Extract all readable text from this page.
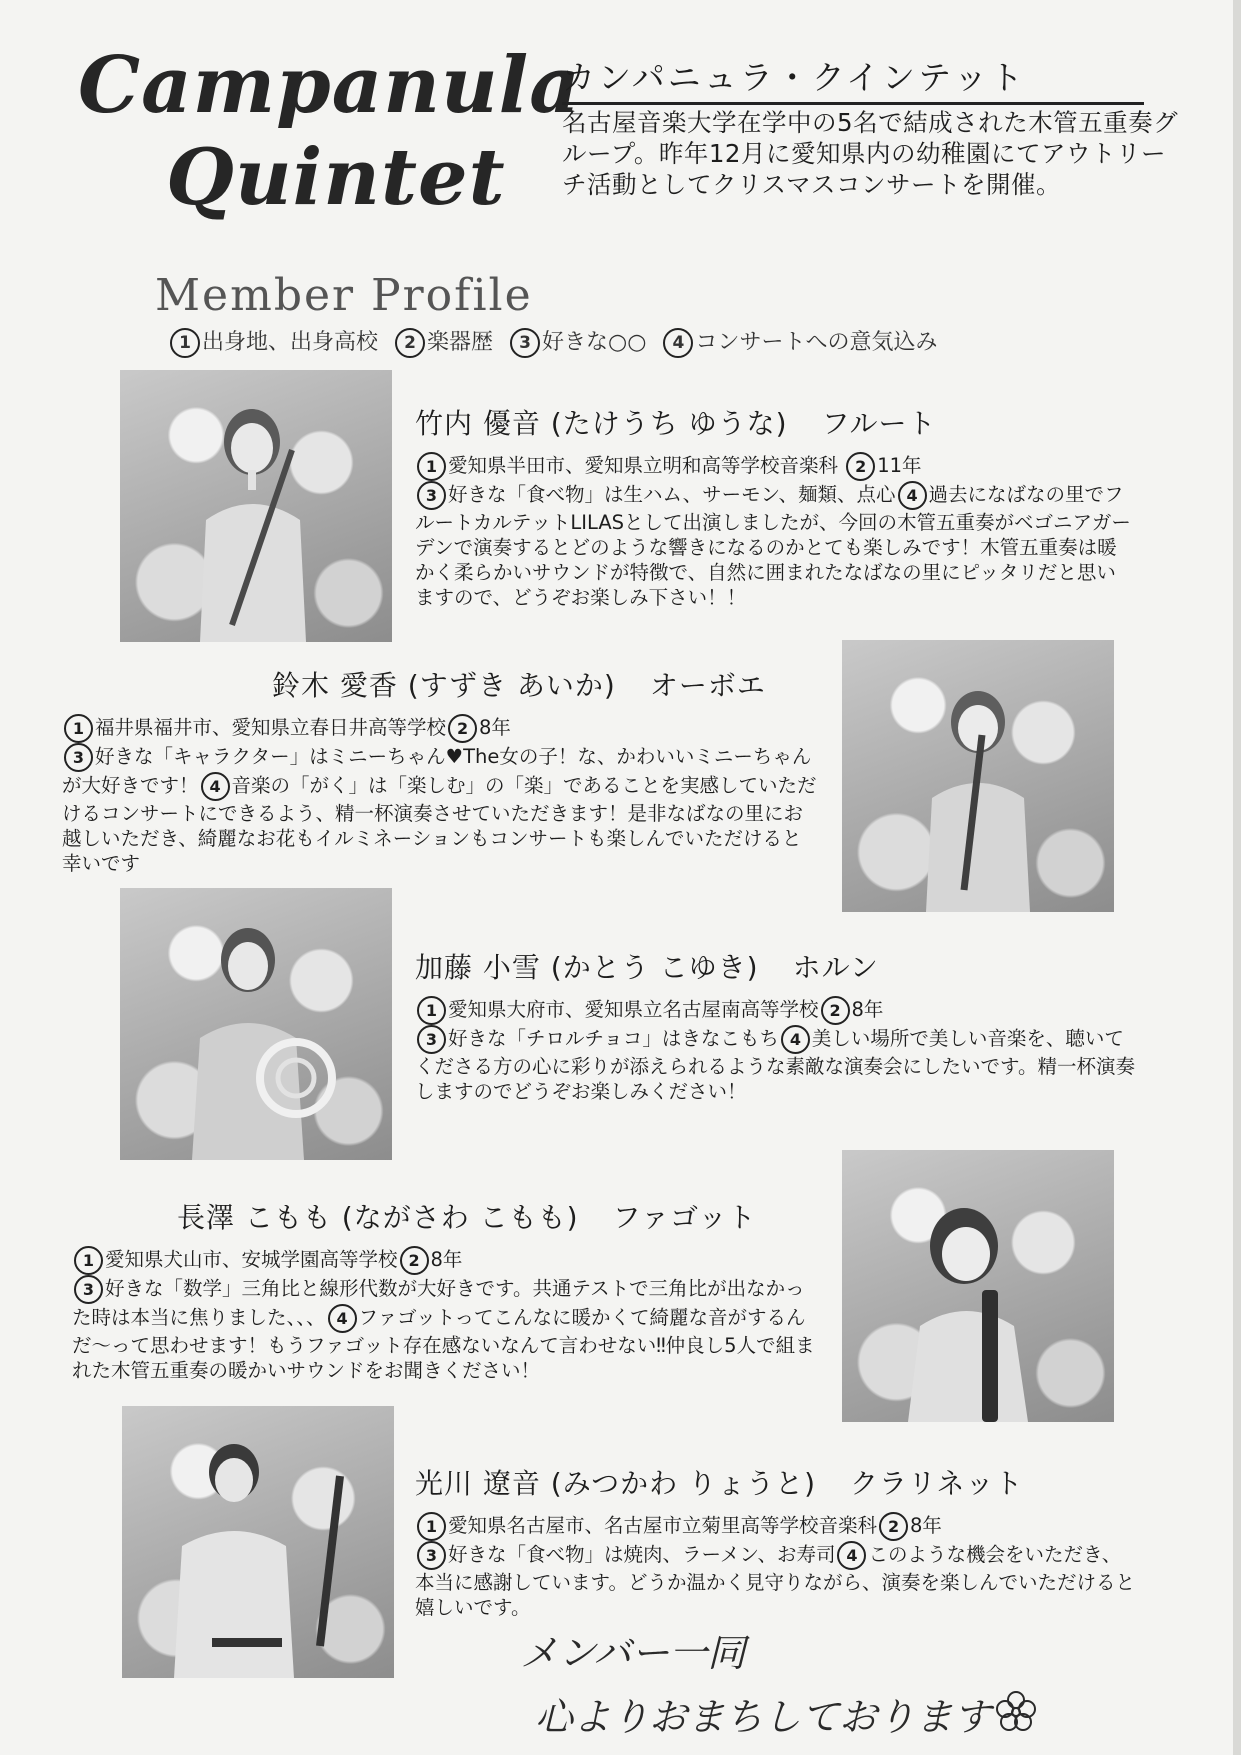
Campanula
Quintet
カンパニュラ・クインテット
名古屋音楽大学在学中の5名で結成された木管五重奏グループ。昨年12月に愛知県内の幼稚園にてアウトリーチ活動としてクリスマスコンサートを開催。
Member Profile
1 出身地、出身高校 2 楽器歴 3 好きな○○ 4 コンサートへの意気込み
竹内 優音 (たけうち ゆうな) フルート

1 愛知県半田市、愛知県立明和高等学校音楽科 2 11年

3 好きな「食べ物」は生ハム、サーモン、麺類、点心 4 過去になばなの里でフルートカルテットLILASとして出演しましたが、今回の木管五重奏がベゴニアガーデンで演奏するとどのような響きになるのかとても楽しみです！木管五重奏は暖かく柔らかいサウンドが特徴で、自然に囲まれたなばなの里にピッタリだと思いますので、どうぞお楽しみ下さい！！

鈴木 愛香 (すずき あいか) オーボエ

1 福井県福井市、愛知県立春日井高等学校 2 8年

3 好きな「キャラクター」はミニーちゃん♥The女の子！な、かわいいミニーちゃんが大好きです！ 4 音楽の「がく」は「楽しむ」の「楽」であることを実感していただけるコンサートにできるよう、精一杯演奏させていただきます！是非なばなの里にお越しいただき、綺麗なお花もイルミネーションもコンサートも楽しんでいただけると幸いです

加藤 小雪 (かとう こゆき) ホルン

1 愛知県大府市、愛知県立名古屋南高等学校 2 8年

3 好きな「チロルチョコ」はきなこもち 4 美しい場所で美しい音楽を、聴いてくださる方の心に彩りが添えられるような素敵な演奏会にしたいです。精一杯演奏しますのでどうぞお楽しみください！

長澤 こもも (ながさわ こもも) ファゴット

1 愛知県犬山市、安城学園高等学校 2 8年

3 好きな「数学」三角比と線形代数が大好きです。共通テストで三角比が出なかった時は本当に焦りました、、、 4 ファゴットってこんなに暖かくて綺麗な音がするんだ〜って思わせます！もうファゴット存在感ないなんて言わせない‼仲良し5人で組まれた木管五重奏の暖かいサウンドをお聞きください！

光川 遼音 (みつかわ りょうと) クラリネット

1 愛知県名古屋市、名古屋市立菊里高等学校音楽科 2 8年

3 好きな「食べ物」は焼肉、ラーメン、お寿司 4 このような機会をいただき、本当に感謝しています。どうか温かく見守りながら、演奏を楽しんでいただけると嬉しいです。

メンバー一同
心よりおまちしております
